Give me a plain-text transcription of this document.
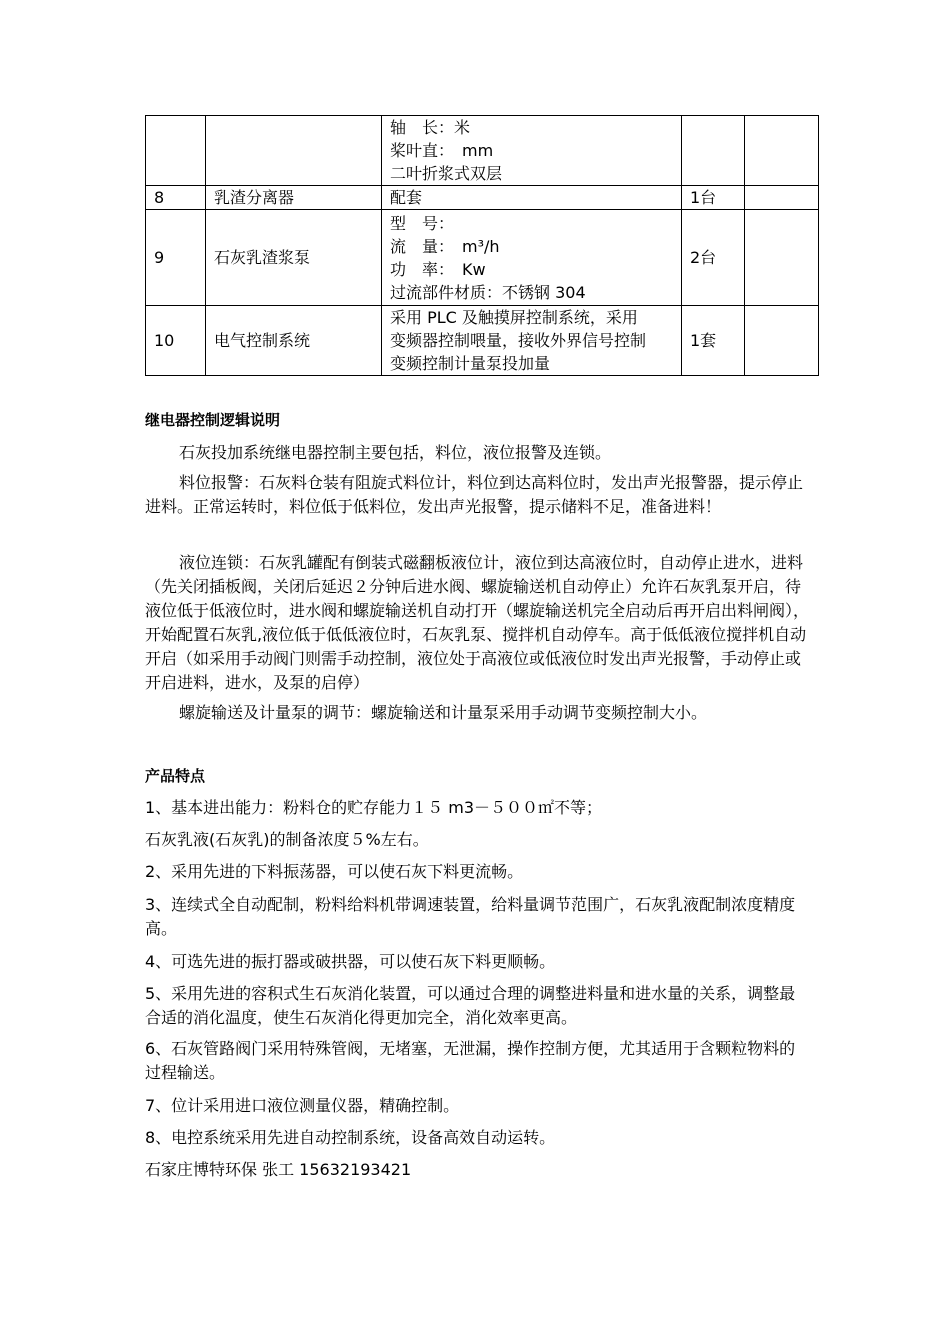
		轴　长：米
桨叶直：　mm
二叶折浆式双层		

8	乳渣分离器	配套	1台	
9	石灰乳渣浆泵	型　号：
流　量：　m³/h
功　率：　Kw
过流部件材质：不锈钢 304	2台	
10	电气控制系统	采用 PLC 及触摸屏控制系统，采用
变频器控制喂量，接收外界信号控制
变频控制计量泵投加量	1套	
继电器控制逻辑说明
石灰投加系统继电器控制主要包括，料位，液位报警及连锁。
料位报警：石灰料仓装有阻旋式料位计，料位到达高料位时，发出声光报警器，提示停止进料。正常运转时，料位低于低料位，发出声光报警，提示储料不足，准备进料！
液位连锁：石灰乳罐配有倒装式磁翻板液位计，液位到达高液位时，自动停止进水，进料（先关闭插板阀，关闭后延迟２分钟后进水阀、螺旋输送机自动停止）允许石灰乳泵开启，待液位低于低液位时，进水阀和螺旋输送机自动打开（螺旋输送机完全启动后再开启出料闸阀），开始配置石灰乳,液位低于低低液位时，石灰乳泵、搅拌机自动停车。高于低低液位搅拌机自动开启（如采用手动阀门则需手动控制，液位处于高液位或低液位时发出声光报警，手动停止或开启进料，进水，及泵的启停）
螺旋输送及计量泵的调节：螺旋输送和计量泵采用手动调节变频控制大小。
产品特点
1、基本进出能力：粉料仓的贮存能力１５ m3－５００㎡不等；
石灰乳液(石灰乳)的制备浓度５%左右。
2、采用先进的下料振荡器，可以使石灰下料更流畅。
3、连续式全自动配制，粉料给料机带调速装置，给料量调节范围广，石灰乳液配制浓度精度高。
4、可选先进的振打器或破拱器，可以使石灰下料更顺畅。
5、采用先进的容积式生石灰消化装置，可以通过合理的调整进料量和进水量的关系，调整最合适的消化温度，使生石灰消化得更加完全，消化效率更高。
6、石灰管路阀门采用特殊管阀，无堵塞，无泄漏，操作控制方便，尤其适用于含颗粒物料的过程输送。
7、位计采用进口液位测量仪器，精确控制。
8、电控系统采用先进自动控制系统，设备高效自动运转。
石家庄博特环保 张工 15632193421
